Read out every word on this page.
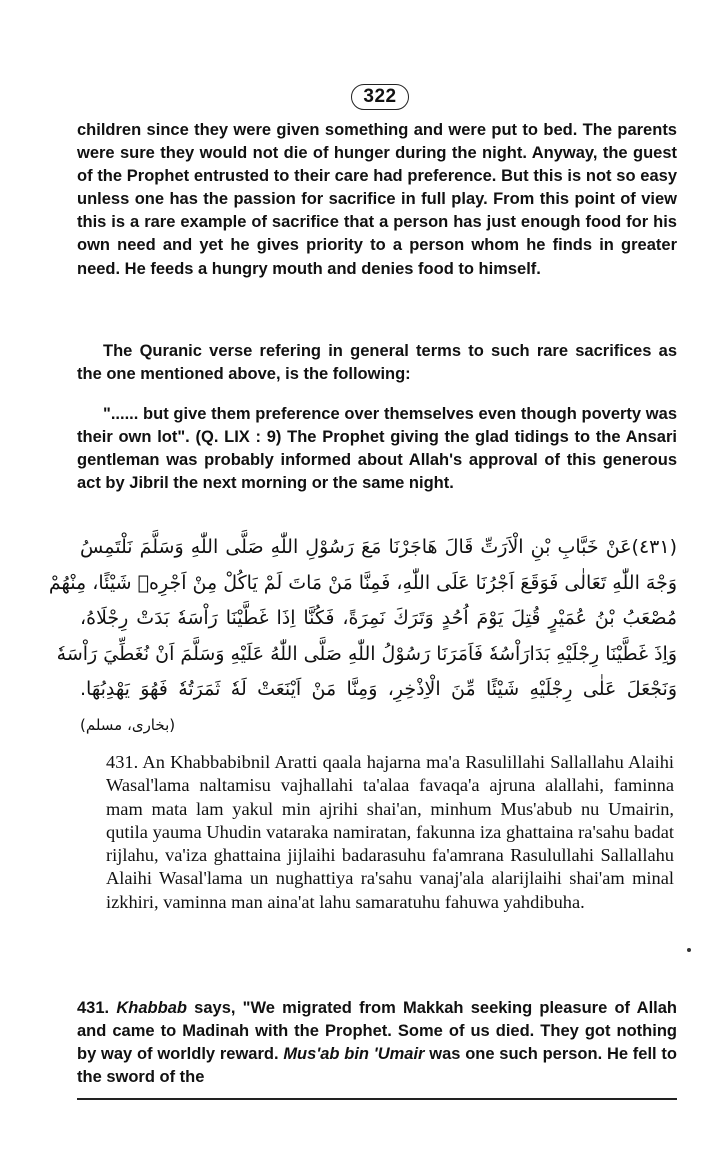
322

children since they were given something and were put to bed. The parents were sure they would not die of hunger during the night. Anyway, the guest of the Prophet entrusted to their care had preference. But this is not so easy unless one has the passion for sacrifice in full play. From this point of view this is a rare example of sacrifice that a person has just enough food for his own need and yet he gives priority to a person whom he finds in greater need. He feeds a hungry mouth and denies food to himself.

The Quranic verse refering in general terms to such rare sacrifices as the one mentioned above, is the following:

"...... but give them preference over themselves even though poverty was their own lot". (Q. LIX : 9) The Prophet giving the glad tidings to the Ansari gentleman was probably informed about Allah's approval of this generous act by Jibril the next morning or the same night.

(٤٣١)عَنْ خَبَّابِ بْنِ الْاَرَتِّ قَالَ هَاجَرْنَا مَعَ رَسُوْلِ اللّٰهِ صَلَّى اللّٰهِ وَسَلَّمَ نَلْتَمِسُ
وَجْهَ اللّٰهِ تَعَالٰى فَوَقَعَ اَجْرُنَا عَلَى اللّٰهِ، فَمِنَّا مَنْ مَاتَ لَمْ يَاكُلْ مِنْ اَجْرِهٖ شَيْئًا، مِنْهُمْ
مُصْعَبُ بْنُ عُمَيْرٍ قُتِلَ يَوْمَ اُحُدٍ وَتَرَكَ نَمِرَةً، فَكُنَّا اِذَا غَطَّيْنَا رَاْسَهٗ بَدَتْ رِجْلَاهُ،
وَاِذَ غَطَّيْنَا رِجْلَيْهِ بَدَارَاْسُهٗ فَاَمَرَنَا رَسُوْلُ اللّٰهِ صَلَّى اللّٰهُ عَلَيْهِ وَسَلَّمَ اَنْ نُغَطِّيَ رَاْسَهٗ
وَنَجْعَلَ عَلٰى رِجْلَيْهِ شَيْئًا مِّنَ الْاِذْخِرِ، وَمِنَّا مَنْ اَيْنَعَتْ لَهٗ ثَمَرَتُهٗ فَهُوَ يَهْدِبُهَا.
(بخاری، مسلم)

431. An Khabbabibnil Aratti qaala hajarna ma'a Rasulillahi Sallallahu Alaihi Wasal'lama naltamisu vajhallahi ta'alaa favaqa'a ajruna alallahi, faminna mam mata lam yakul min ajrihi shai'an, minhum Mus'abub nu Umairin, qutila yauma Uhudin vataraka namiratan, fakunna iza ghattaina ra'sahu badat rijlahu, va'iza ghattaina jijlaihi badarasuhu fa'amrana Rasulullahi Sallallahu Alaihi Wasal'lama un nughattiya ra'sahu vanaj'ala alarijlaihi shai'am minal izkhiri, vaminna man aina'at lahu samaratuhu fahuwa yahdibuha.

431. Khabbab says, "We migrated from Makkah seeking pleasure of Allah and came to Madinah with the Prophet. Some of us died. They got nothing by way of worldly reward. Mus'ab bin 'Umair was one such person. He fell to the sword of the
